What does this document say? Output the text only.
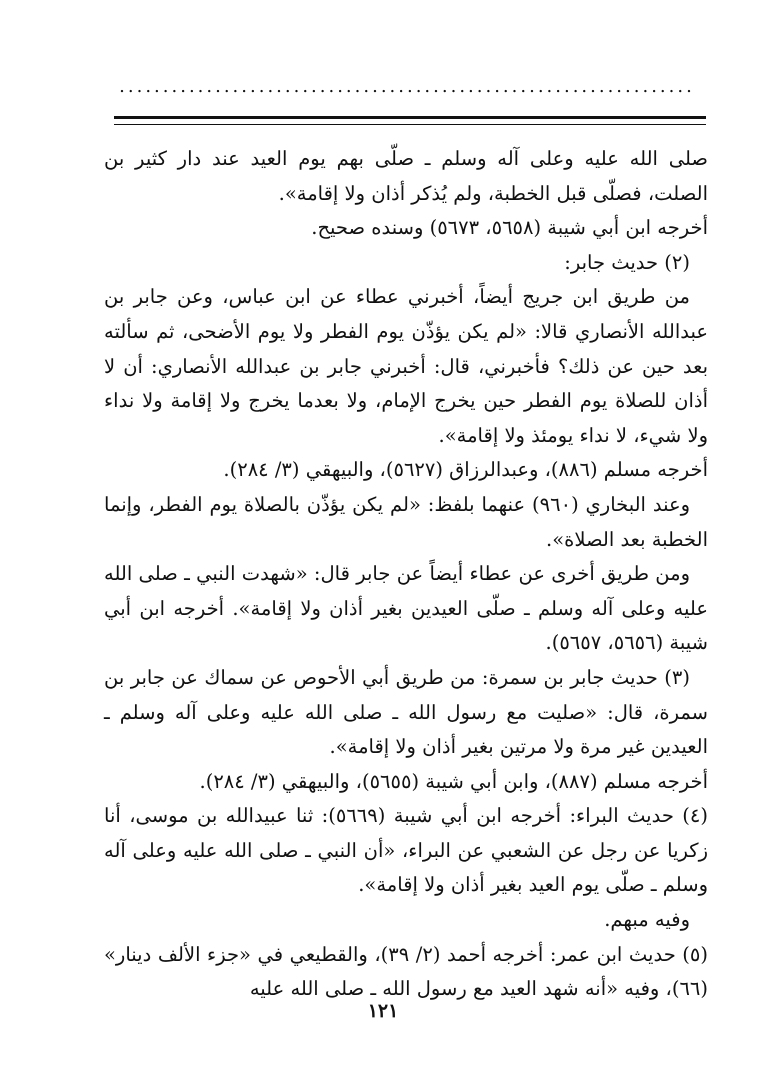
..................................................................

صلى الله عليه وعلى آله وسلم ـ صلّى بهم يوم العيد عند دار كثير بن الصلت، فصلّى قبل الخطبة، ولم يُذكر أذان ولا إقامة».

أخرجه ابن أبي شيبة (٥٦٥٨، ٥٦٧٣) وسنده صحيح.

(٢) حديث جابر:

من طريق ابن جريج أيضاً، أخبرني عطاء عن ابن عباس، وعن جابر بن عبدالله الأنصاري قالا: «لم يكن يؤذّن يوم الفطر ولا يوم الأضحى، ثم سألته بعد حين عن ذلك؟ فأخبرني، قال: أخبرني جابر بن عبدالله الأنصاري: أن لا أذان للصلاة يوم الفطر حين يخرج الإمام، ولا بعدما يخرج ولا إقامة ولا نداء ولا شيء، لا نداء يومئذ ولا إقامة».

أخرجه مسلم (٨٨٦)، وعبدالرزاق (٥٦٢٧)، والبيهقي (٣/ ٢٨٤).

وعند البخاري (٩٦٠) عنهما بلفظ: «لم يكن يؤذّن بالصلاة يوم الفطر، وإنما الخطبة بعد الصلاة».

ومن طريق أخرى عن عطاء أيضاً عن جابر قال: «شهدت النبي ـ صلى الله عليه وعلى آله وسلم ـ صلّى العيدين بغير أذان ولا إقامة». أخرجه ابن أبي شيبة (٥٦٥٦، ٥٦٥٧).

(٣) حديث جابر بن سمرة: من طريق أبي الأحوص عن سماك عن جابر بن سمرة، قال: «صليت مع رسول الله ـ صلى الله عليه وعلى آله وسلم ـ العيدين غير مرة ولا مرتين بغير أذان ولا إقامة».

أخرجه مسلم (٨٨٧)، وابن أبي شيبة (٥٦٥٥)، والبيهقي (٣/ ٢٨٤).

(٤) حديث البراء: أخرجه ابن أبي شيبة (٥٦٦٩): ثنا عبيدالله بن موسى، أنا زكريا عن رجل عن الشعبي عن البراء، «أن النبي ـ صلى الله عليه وعلى آله وسلم ـ صلّى يوم العيد بغير أذان ولا إقامة».

وفيه مبهم.

(٥) حديث ابن عمر: أخرجه أحمد (٢/ ٣٩)، والقطيعي في «جزء الألف دينار» (٦٦)، وفيه «أنه شهد العيد مع رسول الله ـ صلى الله عليه

١٢١
